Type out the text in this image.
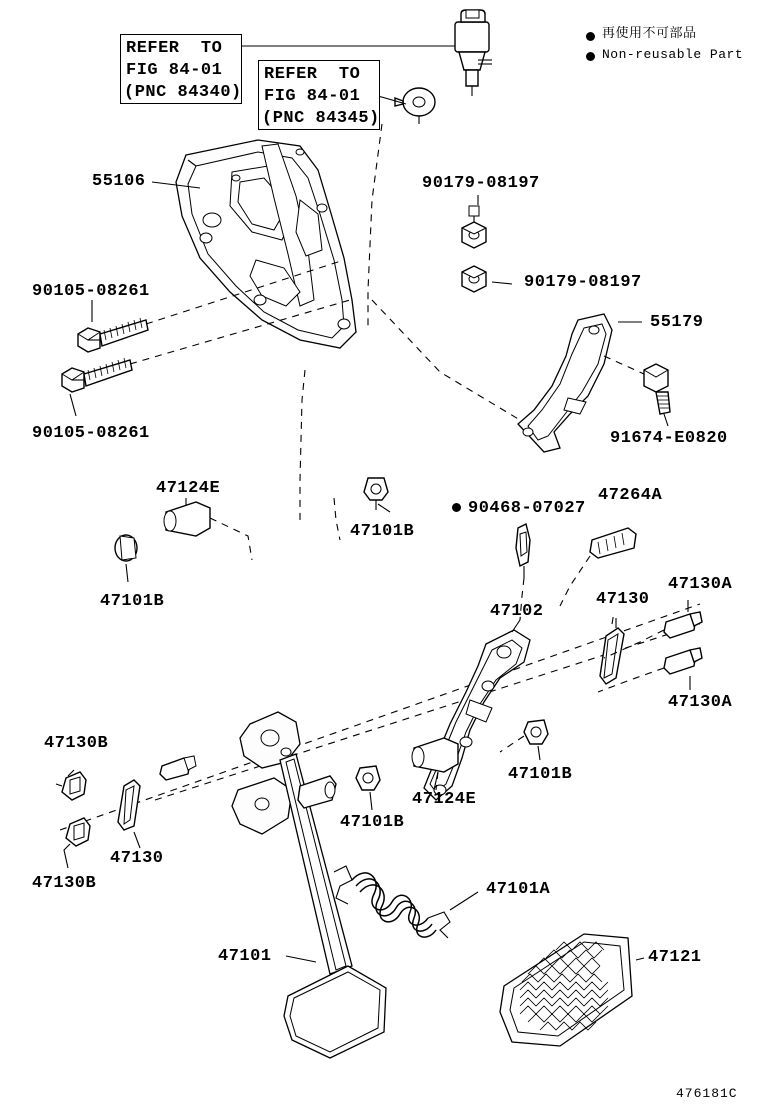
再使用不可部品
Non-reusable Part
REFER  TO
FIG 84-01
(PNC 84340)
REFER  TO
FIG 84-01
(PNC 84345)
55106	90179-08197
90179-08197
90105-08261
90105-08261
55179
91674-E0820
47124E
47101B
47101B
90468-07027
47264A
47102
47130
47130A
47130A
47101B
47130B
47130
47130B
47124E
47101B
47101A
47121
47101
476181C
